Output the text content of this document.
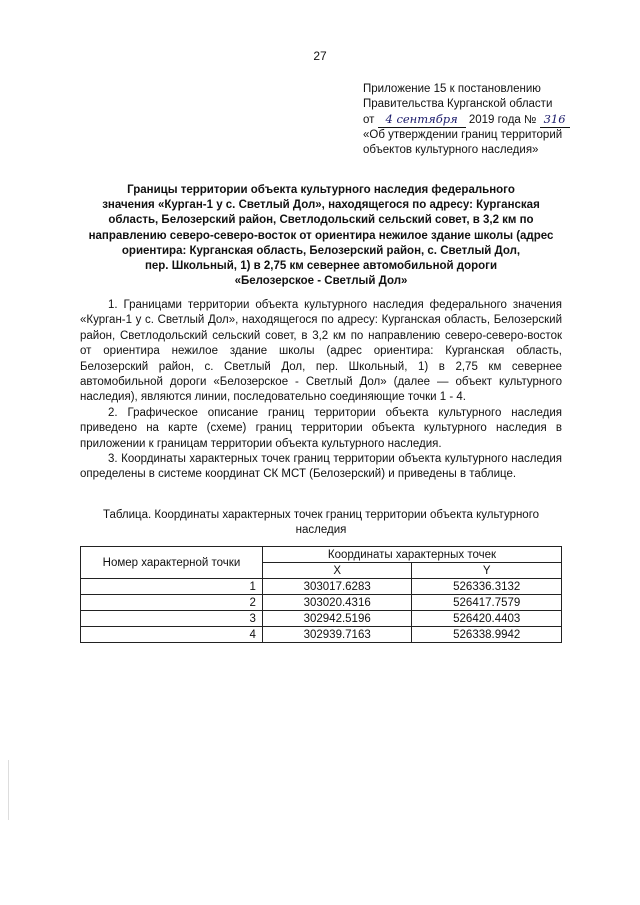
27
Приложение 15 к постановлению
Правительства Курганской области
от 4 сентября 2019 года № 316
«Об утверждении границ территорий
объектов культурного наследия»
Границы территории объекта культурного наследия федерального
значения «Курган-1 у с. Светлый Дол», находящегося по адресу: Курганская
область, Белозерский район, Светлодольский сельский совет, в 3,2 км по
направлению северо-северо-восток от ориентира нежилое здание школы (адрес
ориентира: Курганская область, Белозерский район, с. Светлый Дол,
пер. Школьный, 1) в 2,75 км севернее автомобильной дороги
«Белозерское - Светлый Дол»

1. Границами территории объекта культурного наследия федерального значения «Курган-1 у с. Светлый Дол», находящегося по адресу: Курганская область, Белозерский район, Светлодольский сельский совет, в 3,2 км по направлению северо-северо-восток от ориентира нежилое здание школы (адрес ориентира: Курганская область, Белозерский район, с. Светлый Дол, пер. Школьный, 1) в 2,75 км севернее автомобильной дороги «Белозерское - Светлый Дол» (далее — объект культурного наследия), являются линии, последовательно соединяющие точки 1 - 4.

2. Графическое описание границ территории объекта культурного наследия приведено на карте (схеме) границ территории объекта культурного наследия в приложении к границам территории объекта культурного наследия.

3. Координаты характерных точек границ территории объекта культурного наследия определены в системе координат СК МСТ (Белозерский) и приведены в таблице.

Таблица. Координаты характерных точек границ территории объекта культурного
наследия
Номер характерной точки	Координаты характерных точек	
	X	Y
1	303017.6283	526336.3132
2	303020.4316	526417.7579
3	302942.5196	526420.4403
4	302939.7163	526338.9942
